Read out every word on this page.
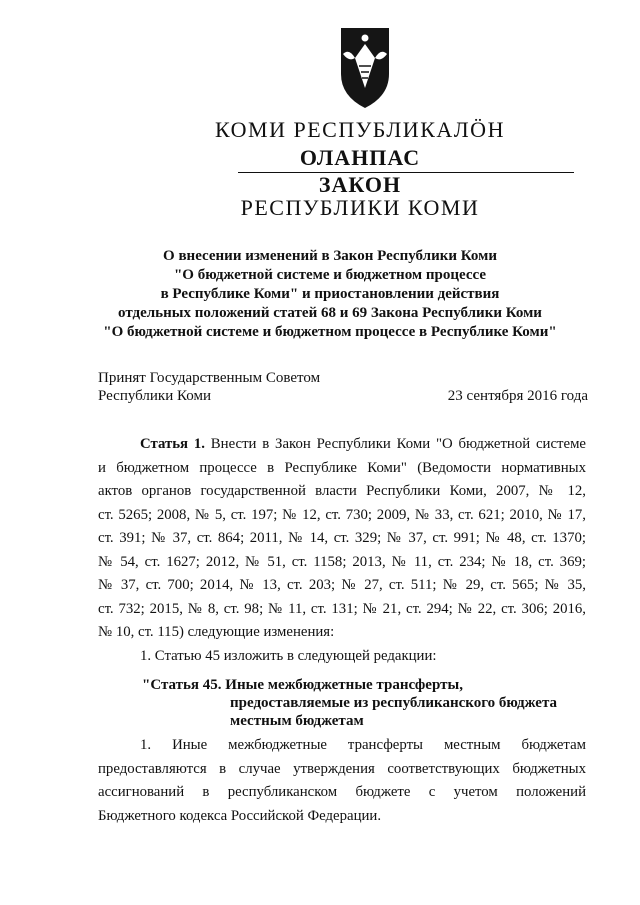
КОМИ РЕСПУБЛИКАЛӦН
ОЛАНПАС
ЗАКОН
РЕСПУБЛИКИ КОМИ
О внесении изменений в Закон Республики Коми
"О бюджетной системе и бюджетном процессе
в Республике Коми" и приостановлении действия
отдельных положений статей 68 и 69 Закона Республики Коми
"О бюджетной системе и бюджетном процессе в Республике Коми"
Принят Государственным Советом
Республики Коми	23 сентября 2016 года
Статья 1. Внести в Закон Республики Коми "О бюджетной системе
и бюджетном процессе в Республике Коми" (Ведомости нормативных
актов органов государственной власти Республики Коми, 2007, № 12,
ст. 5265; 2008, № 5, ст. 197; № 12, ст. 730; 2009, № 33, ст. 621; 2010, № 17,
ст. 391; № 37, ст. 864; 2011, № 14, ст. 329; № 37, ст. 991; № 48, ст. 1370;
№ 54, ст. 1627; 2012, № 51, ст. 1158; 2013, № 11, ст. 234; № 18, ст. 369;
№ 37, ст. 700; 2014, № 13, ст. 203; № 27, ст. 511; № 29, ст. 565; № 35,
ст. 732; 2015, № 8, ст. 98; № 11, ст. 131; № 21, ст. 294; № 22, ст. 306; 2016,
№ 10, ст. 115) следующие изменения:
1. Статью 45 изложить в следующей редакции:
"Статья 45. Иные межбюджетные трансферты,
предоставляемые из республиканского бюджета
местным бюджетам
1. Иные межбюджетные трансферты местным бюджетам
предоставляются в случае утверждения соответствующих бюджетных
ассигнований в республиканском бюджете с учетом положений
Бюджетного кодекса Российской Федерации.
